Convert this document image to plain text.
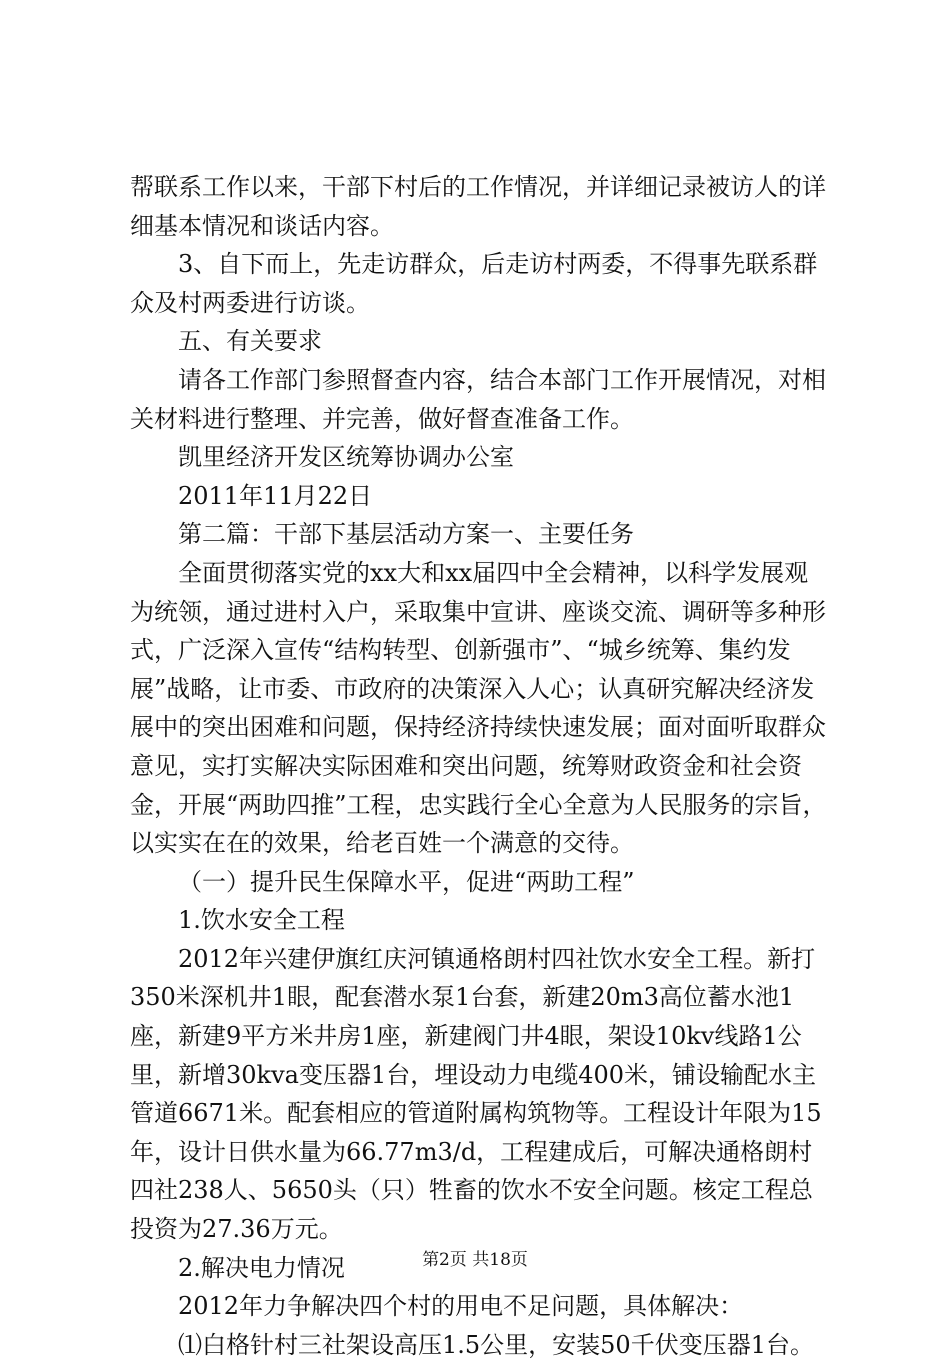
帮联系工作以来，干部下村后的工作情况，并详细记录被访人的详细基本情况和谈话内容。

3、自下而上，先走访群众，后走访村两委，不得事先联系群众及村两委进行访谈。

五、有关要求

请各工作部门参照督查内容，结合本部门工作开展情况，对相关材料进行整理、并完善，做好督查准备工作。

凯里经济开发区统筹协调办公室

2011年11月22日

第二篇：干部下基层活动方案一、主要任务

全面贯彻落实党的xx大和xx届四中全会精神，以科学发展观为统领，通过进村入户，采取集中宣讲、座谈交流、调研等多种形式，广泛深入宣传“结构转型、创新强市”、“城乡统筹、集约发展”战略，让市委、市政府的决策深入人心；认真研究解决经济发展中的突出困难和问题，保持经济持续快速发展；面对面听取群众意见，实打实解决实际困难和突出问题，统筹财政资金和社会资金，开展“两助四推”工程，忠实践行全心全意为人民服务的宗旨，以实实在在的效果，给老百姓一个满意的交待。

（一）提升民生保障水平，促进“两助工程”

1.饮水安全工程

2012年兴建伊旗红庆河镇通格朗村四社饮水安全工程。新打350米深机井1眼，配套潜水泵1台套，新建20m3高位蓄水池1座，新建9平方米井房1座，新建阀门井4眼，架设10kv线路1公里，新增30kva变压器1台，埋设动力电缆400米，铺设输配水主管道6671米。配套相应的管道附属构筑物等。工程设计年限为15年，设计日供水量为66.77m3/d，工程建成后，可解决通格朗村四社238人、5650头（只）牲畜的饮水不安全问题。核定工程总投资为27.36万元。

2.解决电力情况

2012年力争解决四个村的用电不足问题，具体解决：

⑴白格针村三社架设高压1.5公里，安装50千伏变压器1台。

第2页 共18页
